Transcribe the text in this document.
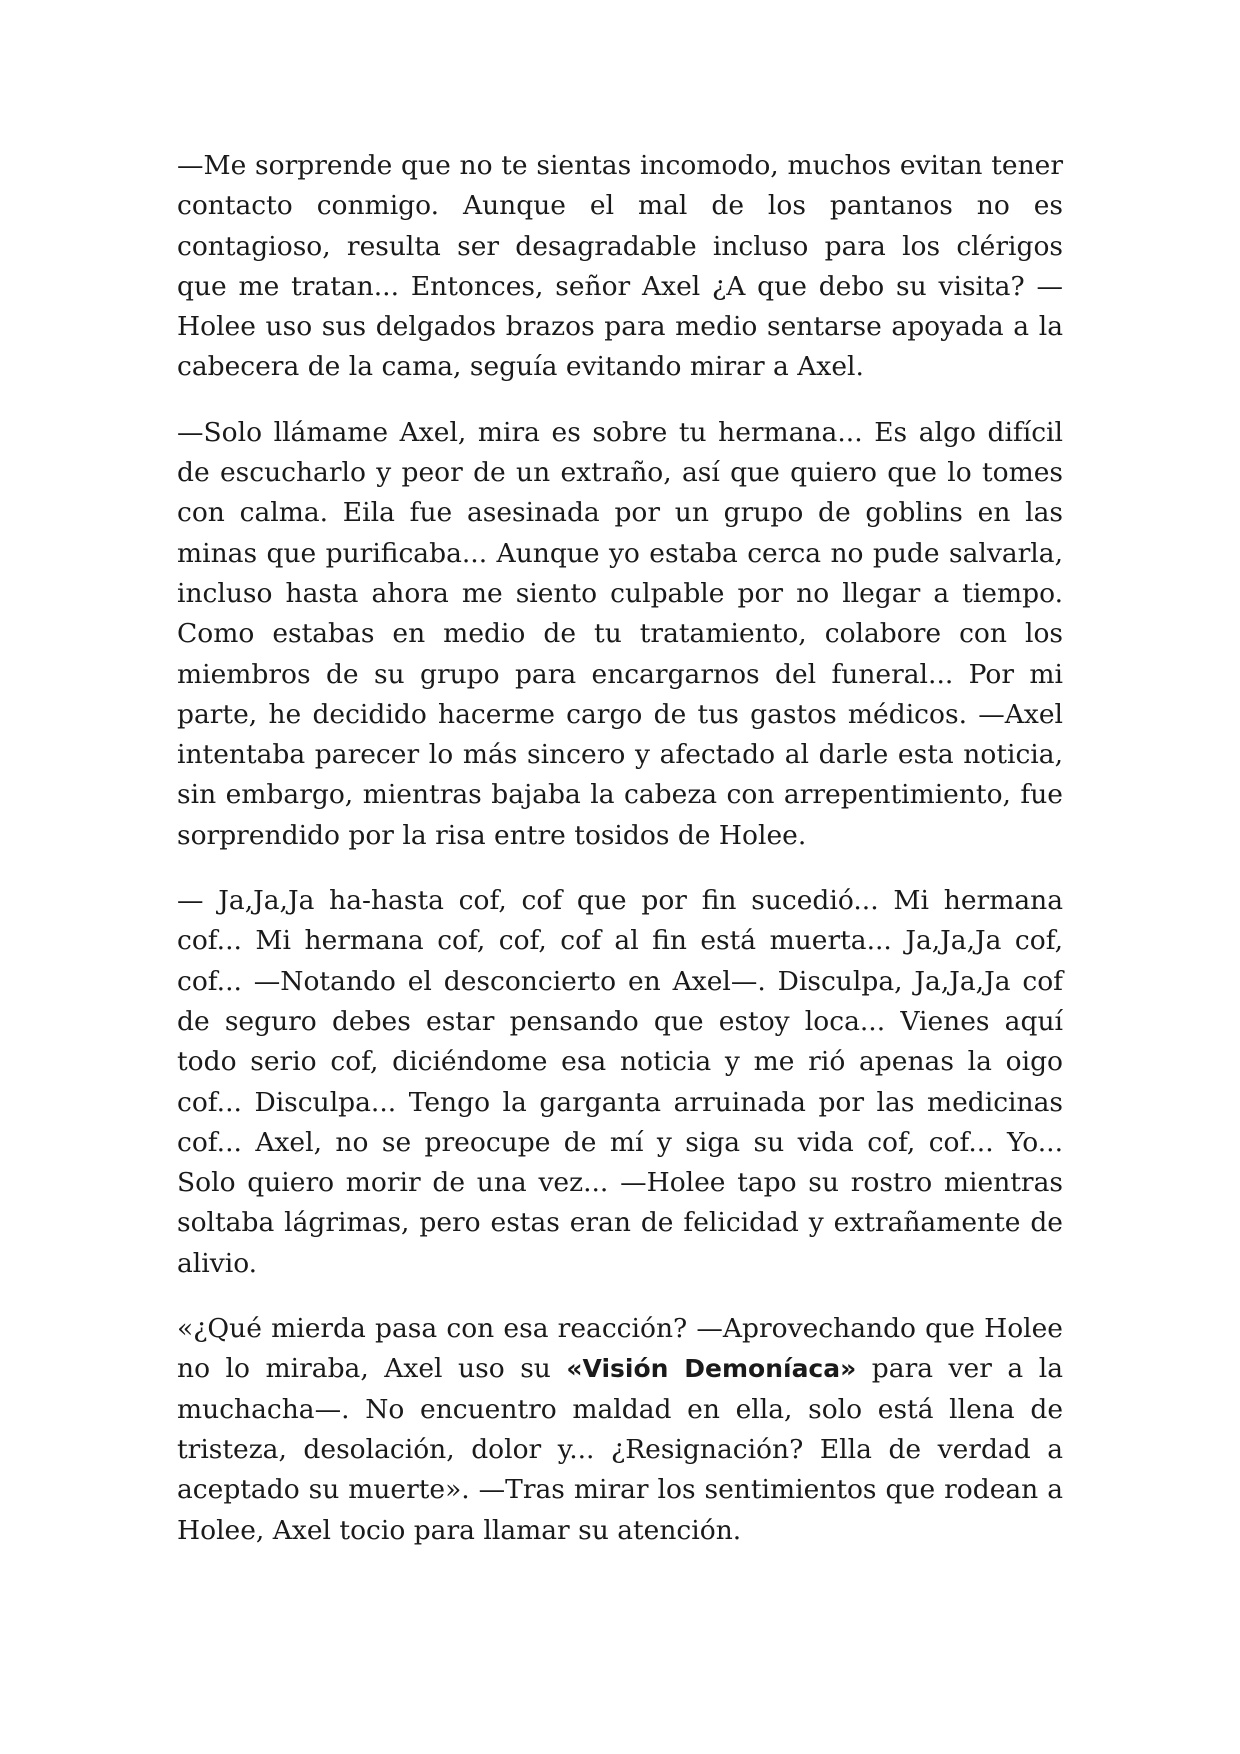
—Me sorprende que no te sientas incomodo, muchos evitan tener contacto conmigo. Aunque el mal de los pantanos no es contagioso, resulta ser desagradable incluso para los clérigos que me tratan... Entonces, señor Axel ¿A que debo su visita? —Holee uso sus delgados brazos para medio sentarse apoyada a la cabecera de la cama, seguía evitando mirar a Axel.

—Solo llámame Axel, mira es sobre tu hermana... Es algo difícil de escucharlo y peor de un extraño, así que quiero que lo tomes con calma. Eila fue asesinada por un grupo de goblins en las minas que purificaba... Aunque yo estaba cerca no pude salvarla, incluso hasta ahora me siento culpable por no llegar a tiempo. Como estabas en medio de tu tratamiento, colabore con los miembros de su grupo para encargarnos del funeral... Por mi parte, he decidido hacerme cargo de tus gastos médicos. —Axel intentaba parecer lo más sincero y afectado al darle esta noticia, sin embargo, mientras bajaba la cabeza con arrepentimiento, fue sorprendido por la risa entre tosidos de Holee.

— Ja,Ja,Ja ha-hasta cof, cof que por fin sucedió... Mi hermana cof... Mi hermana cof, cof, cof al fin está muerta... Ja,Ja,Ja cof, cof... —Notando el desconcierto en Axel—. Disculpa, Ja,Ja,Ja cof de seguro debes estar pensando que estoy loca... Vienes aquí todo serio cof, diciéndome esa noticia y me rió apenas la oigo cof... Disculpa... Tengo la garganta arruinada por las medicinas cof... Axel, no se preocupe de mí y siga su vida cof, cof... Yo... Solo quiero morir de una vez... —Holee tapo su rostro mientras soltaba lágrimas, pero estas eran de felicidad y extrañamente de alivio.

«¿Qué mierda pasa con esa reacción? —Aprovechando que Holee no lo miraba, Axel uso su «Visión Demoníaca» para ver a la muchacha—. No encuentro maldad en ella, solo está llena de tristeza, desolación, dolor y... ¿Resignación? Ella de verdad a aceptado su muerte». —Tras mirar los sentimientos que rodean a Holee, Axel tocio para llamar su atención.
